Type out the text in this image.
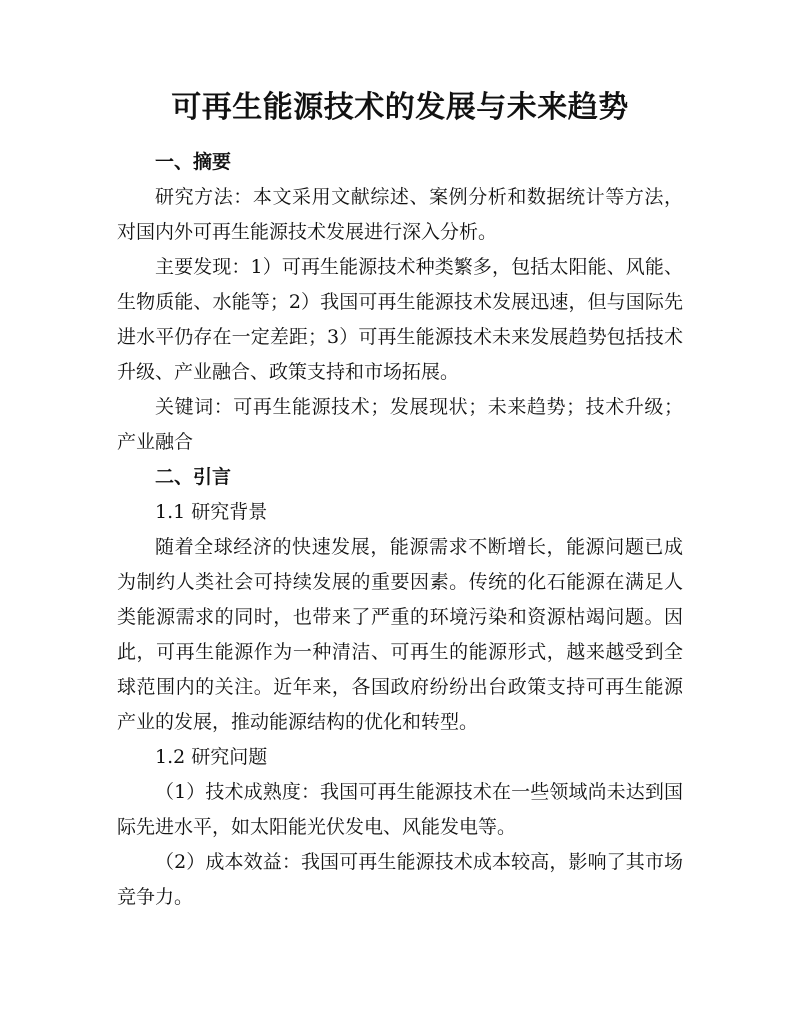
可再生能源技术的发展与未来趋势
一、摘要

研究方法：本文采用文献综述、案例分析和数据统计等方法，对国内外可再生能源技术发展进行深入分析。

主要发现：1）可再生能源技术种类繁多，包括太阳能、风能、生物质能、水能等；2）我国可再生能源技术发展迅速，但与国际先进水平仍存在一定差距；3）可再生能源技术未来发展趋势包括技术升级、产业融合、政策支持和市场拓展。

关键词：可再生能源技术；发展现状；未来趋势；技术升级；产业融合

二、引言
1.1 研究背景

随着全球经济的快速发展，能源需求不断增长，能源问题已成为制约人类社会可持续发展的重要因素。传统的化石能源在满足人类能源需求的同时，也带来了严重的环境污染和资源枯竭问题。因此，可再生能源作为一种清洁、可再生的能源形式，越来越受到全球范围内的关注。近年来，各国政府纷纷出台政策支持可再生能源产业的发展，推动能源结构的优化和转型。

1.2 研究问题

（1）技术成熟度：我国可再生能源技术在一些领域尚未达到国际先进水平，如太阳能光伏发电、风能发电等。

（2）成本效益：我国可再生能源技术成本较高，影响了其市场竞争力。
